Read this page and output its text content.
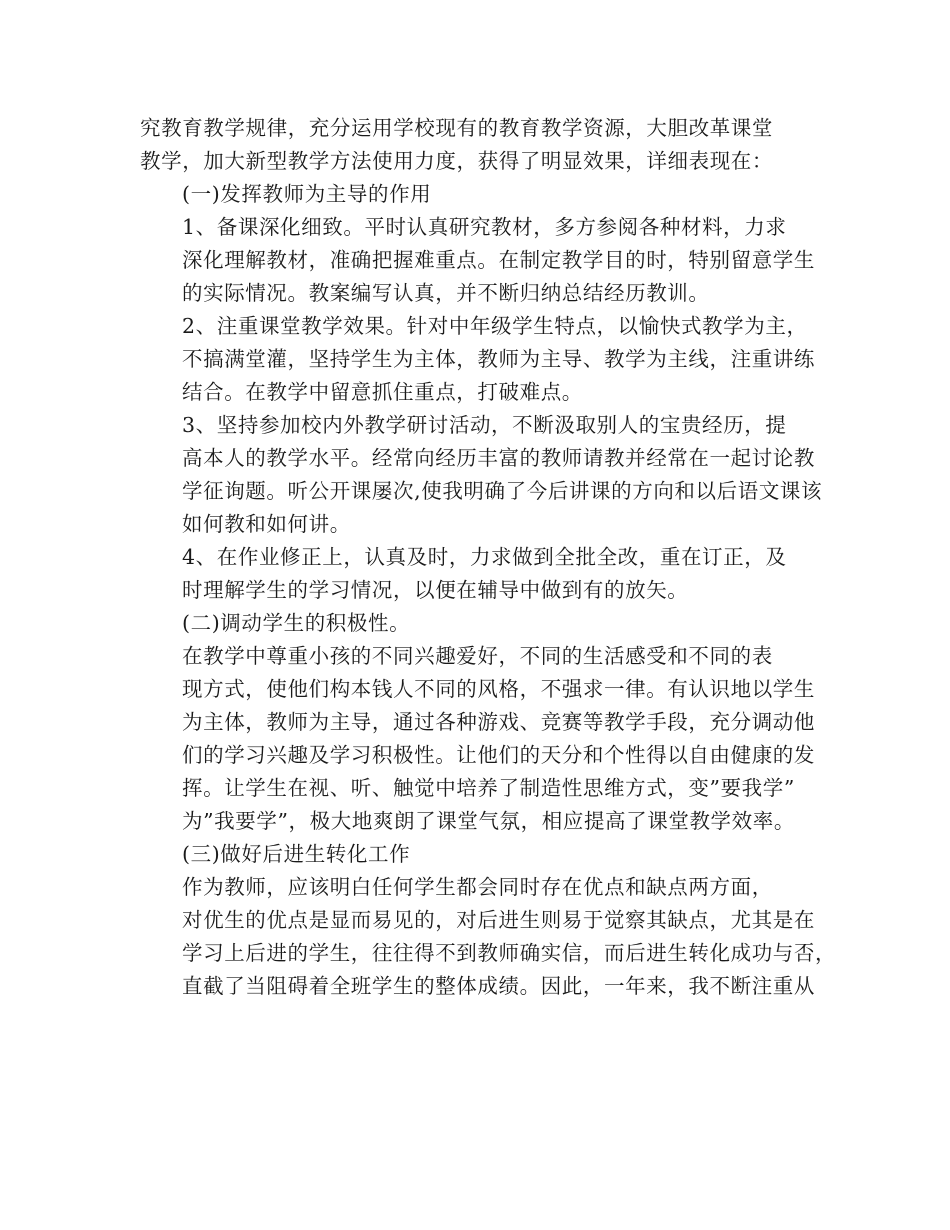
究教育教学规律，充分运用学校现有的教育教学资源，大胆改革课堂
教学，加大新型教学方法使用力度，获得了明显效果，详细表现在：

(一)发挥教师为主导的作用

1、备课深化细致。平时认真研究教材，多方参阅各种材料，力求
深化理解教材，准确把握难重点。在制定教学目的时，特别留意学生
的实际情况。教案编写认真，并不断归纳总结经历教训。

2、注重课堂教学效果。针对中年级学生特点，以愉快式教学为主，
不搞满堂灌，坚持学生为主体，教师为主导、教学为主线，注重讲练
结合。在教学中留意抓住重点，打破难点。

3、坚持参加校内外教学研讨活动，不断汲取别人的宝贵经历，提
高本人的教学水平。经常向经历丰富的教师请教并经常在一起讨论教
学征询题。听公开课屡次,使我明确了今后讲课的方向和以后语文课该
如何教和如何讲。

4、在作业修正上，认真及时，力求做到全批全改，重在订正，及
时理解学生的学习情况，以便在辅导中做到有的放矢。

(二)调动学生的积极性。

在教学中尊重小孩的不同兴趣爱好，不同的生活感受和不同的表
现方式，使他们构本钱人不同的风格，不强求一律。有认识地以学生
为主体，教师为主导，通过各种游戏、竞赛等教学手段，充分调动他
们的学习兴趣及学习积极性。让他们的天分和个性得以自由健康的发
挥。让学生在视、听、触觉中培养了制造性思维方式，变”要我学”
为”我要学”，极大地爽朗了课堂气氛，相应提高了课堂教学效率。

(三)做好后进生转化工作

作为教师，应该明白任何学生都会同时存在优点和缺点两方面，
对优生的优点是显而易见的，对后进生则易于觉察其缺点，尤其是在
学习上后进的学生，往往得不到教师确实信，而后进生转化成功与否，
直截了当阻碍着全班学生的整体成绩。因此，一年来，我不断注重从
